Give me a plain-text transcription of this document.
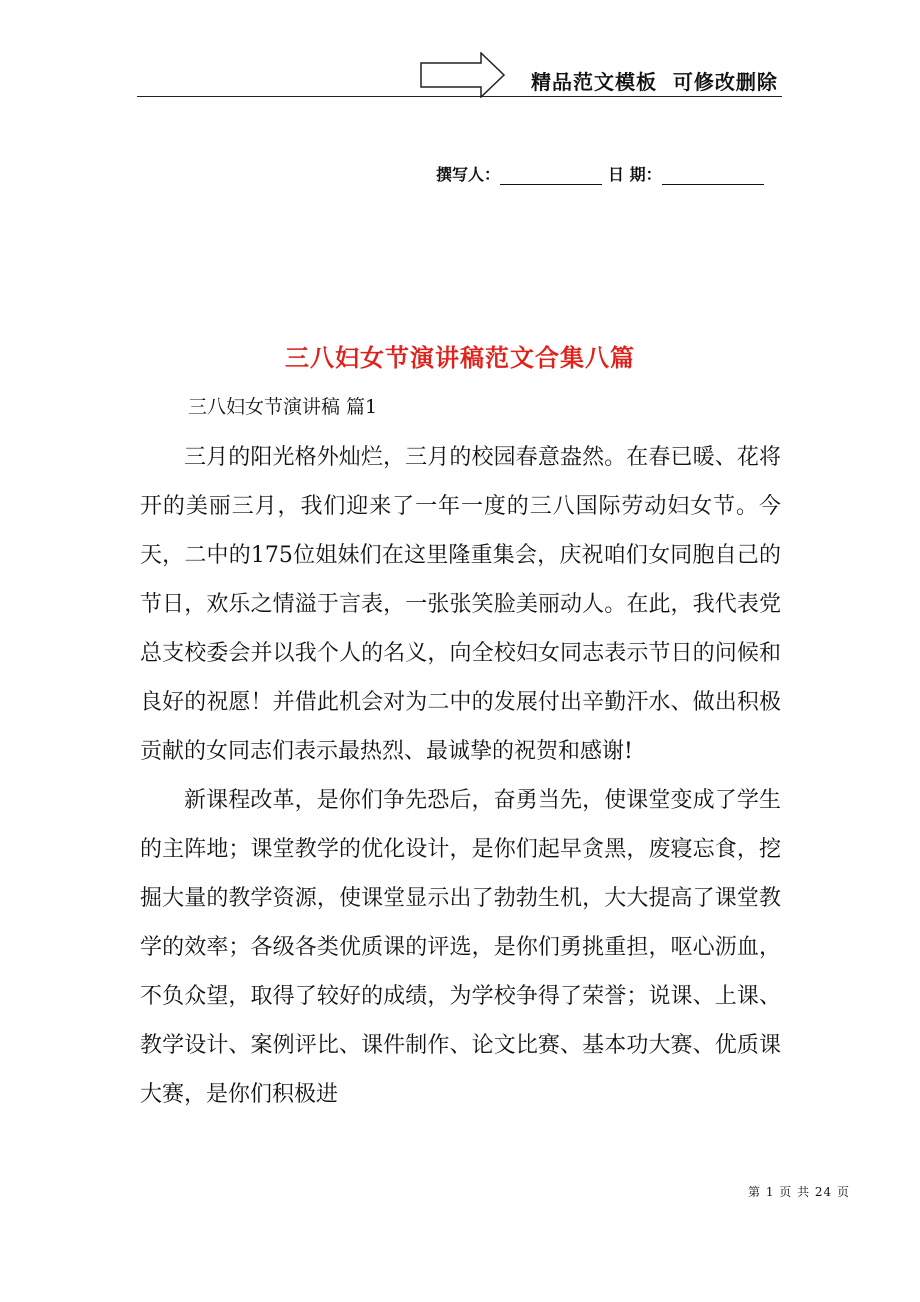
精品范文模板  可修改删除
撰写人：	日 期：
三八妇女节演讲稿范文合集八篇
三八妇女节演讲稿 篇1

三月的阳光格外灿烂，三月的校园春意盎然。在春已暖、花将开的美丽三月，我们迎来了一年一度的三八国际劳动妇女节。今天，二中的175位姐妹们在这里隆重集会，庆祝咱们女同胞自己的节日，欢乐之情溢于言表，一张张笑脸美丽动人。在此，我代表党总支校委会并以我个人的名义，向全校妇女同志表示节日的问候和良好的祝愿！并借此机会对为二中的发展付出辛勤汗水、做出积极贡献的女同志们表示最热烈、最诚挚的祝贺和感谢!

新课程改革，是你们争先恐后，奋勇当先，使课堂变成了学生的主阵地；课堂教学的优化设计，是你们起早贪黑，废寝忘食，挖掘大量的教学资源，使课堂显示出了勃勃生机，大大提高了课堂教学的效率；各级各类优质课的评选，是你们勇挑重担，呕心沥血，不负众望，取得了较好的成绩，为学校争得了荣誉；说课、上课、教学设计、案例评比、课件制作、论文比赛、基本功大赛、优质课大赛，是你们积极进

第 1 页 共 24 页
